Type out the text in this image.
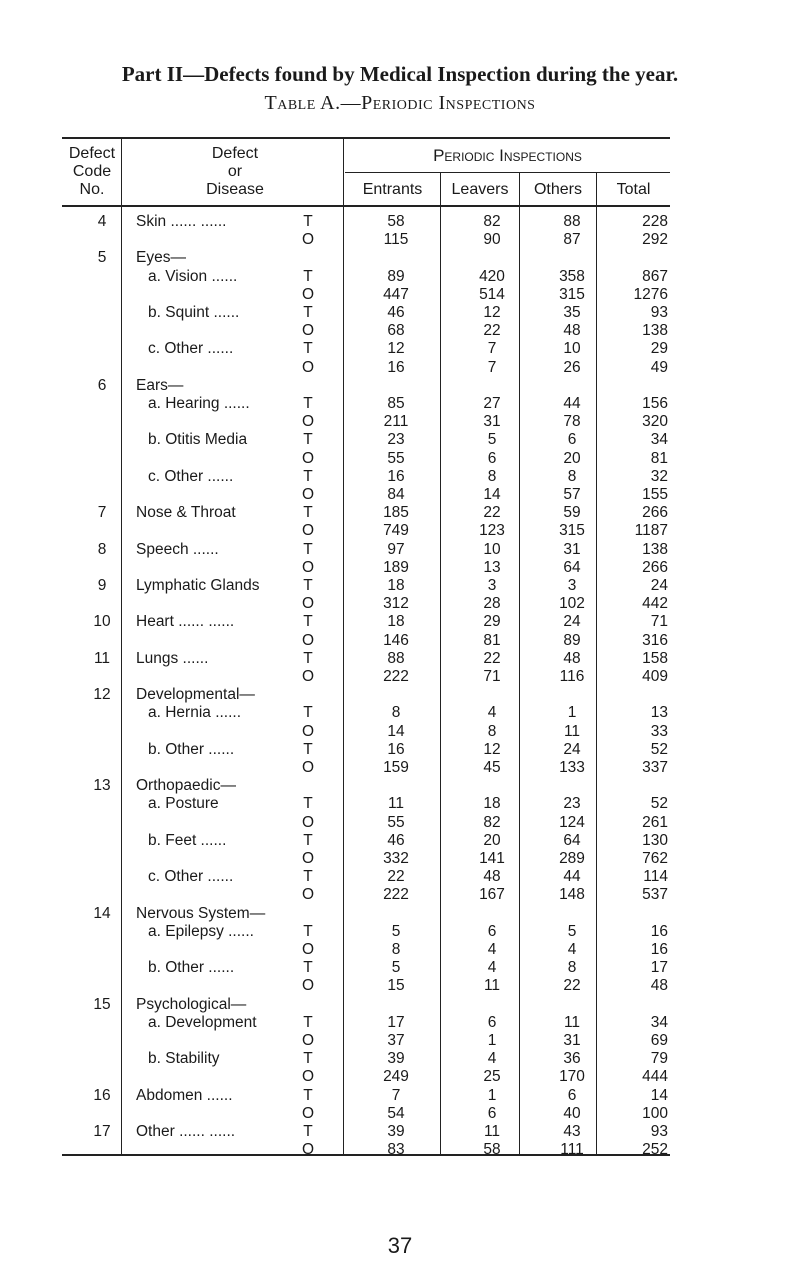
Part II—Defects found by Medical Inspection during the year.
Table A.—Periodic Inspections
Defect
Code
No.
Defect
or
Disease
Periodic Inspections
Entrants	Leavers	Others	Total
4	Skin ...... ......	T	58	82	88	228
O	115	90	87	292
5	Eyes—
a. Vision ......	T	89	420	358	867
O	447	514	315	1276
b. Squint ......	T	46	12	35	93
O	68	22	48	138
c. Other ......	T	12	7	10	29
O	16	7	26	49
6	Ears—
a. Hearing ......	T	85	27	44	156
O	211	31	78	320
b. Otitis Media	T	23	5	6	34
O	55	6	20	81
c. Other ......	T	16	8	8	32
O	84	14	57	155
7	Nose & Throat	T	185	22	59	266
O	749	123	315	1187
8	Speech ......	T	97	10	31	138
O	189	13	64	266
9	Lymphatic Glands	T	18	3	3	24
O	312	28	102	442
10	Heart ...... ......	T	18	29	24	71
O	146	81	89	316
11	Lungs ......	T	88	22	48	158
O	222	71	116	409
12	Developmental—
a. Hernia ......	T	8	4	1	13
O	14	8	11	33
b. Other ......	T	16	12	24	52
O	159	45	133	337
13	Orthopaedic—
a. Posture	T	11	18	23	52
O	55	82	124	261
b. Feet ......	T	46	20	64	130
O	332	141	289	762
c. Other ......	T	22	48	44	114
O	222	167	148	537
14	Nervous System—
a. Epilepsy ......	T	5	6	5	16
O	8	4	4	16
b. Other ......	T	5	4	8	17
O	15	11	22	48
15	Psychological—
a. Development	T	17	6	11	34
O	37	1	31	69
b. Stability	T	39	4	36	79
O	249	25	170	444
16	Abdomen ......	T	7	1	6	14
O	54	6	40	100
17	Other ...... ......	T	39	11	43	93
O	83	58	111	252
37
